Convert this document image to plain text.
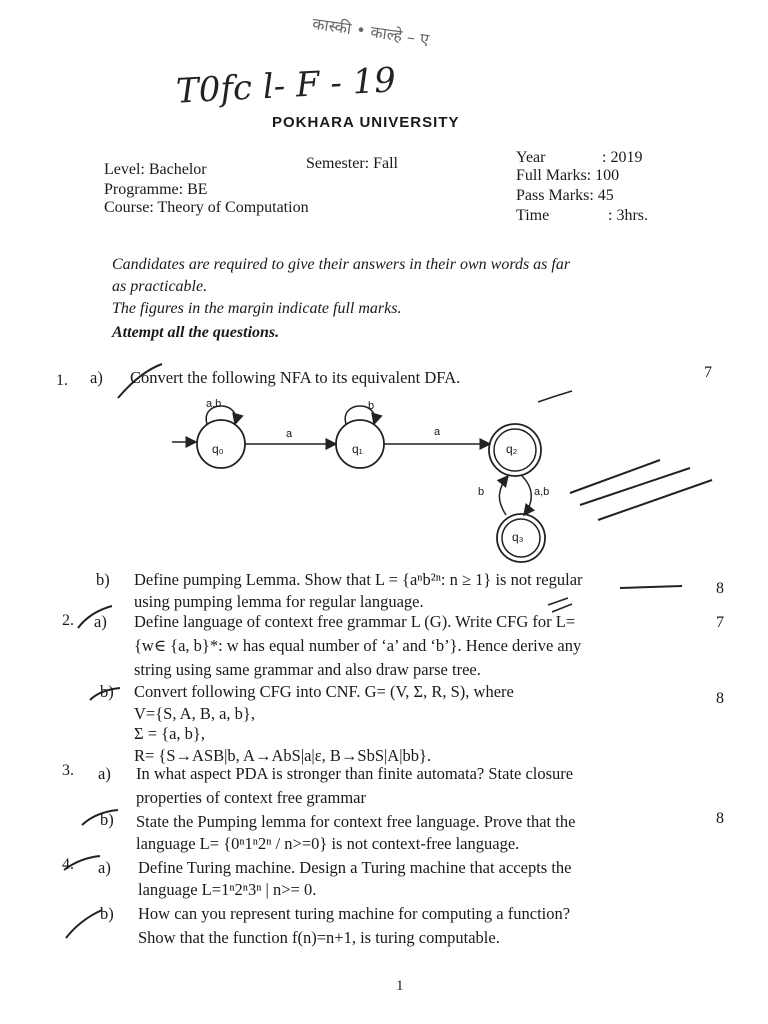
कास्की • काल्हे – ए
T0fc l- F - 19
POKHARA UNIVERSITY
Level: Bachelor
Programme: BE
Course: Theory of Computation
Semester: Fall	Year	: 2019
Full Marks: 100
Pass Marks: 45
Time	: 3hrs.
Candidates are required to give their answers in their own words as far
as practicable.
The figures in the margin indicate full marks.
Attempt all the questions.
1. a) Convert the following NFA to its equivalent DFA.	7
q₀	q₁	q₂
q₃
a,b	b
a	a
b	a,b
b) Define pumping Lemma. Show that L = {aⁿb²ⁿ: n ≥ 1} is not regular
using pumping lemma for regular language.
8
2. a) Define language of context free grammar L (G). Write CFG for L=
{w∈ {a, b}*: w has equal number of ‘a’ and ‘b’}. Hence derive any
string using same grammar and also draw parse tree.
7
b) Convert following CFG into CNF. G= (V, Σ, R, S), where
V={S, A, B, a, b},
Σ = {a, b},
R= {S→ASB|b, A→AbS|a|ε, B→SbS|A|bb}.
8
3. a) In what aspect PDA is stronger than finite automata? State closure
properties of context free grammar
b) State the Pumping lemma for context free language. Prove that the
language L= {0ⁿ1ⁿ2ⁿ / n>=0} is not context-free language.
8
4. a) Define Turing machine. Design a Turing machine that accepts the
language L=1ⁿ2ⁿ3ⁿ | n>= 0.
b) How can you represent turing machine for computing a function?
Show that the function f(n)=n+1, is turing computable.
1
